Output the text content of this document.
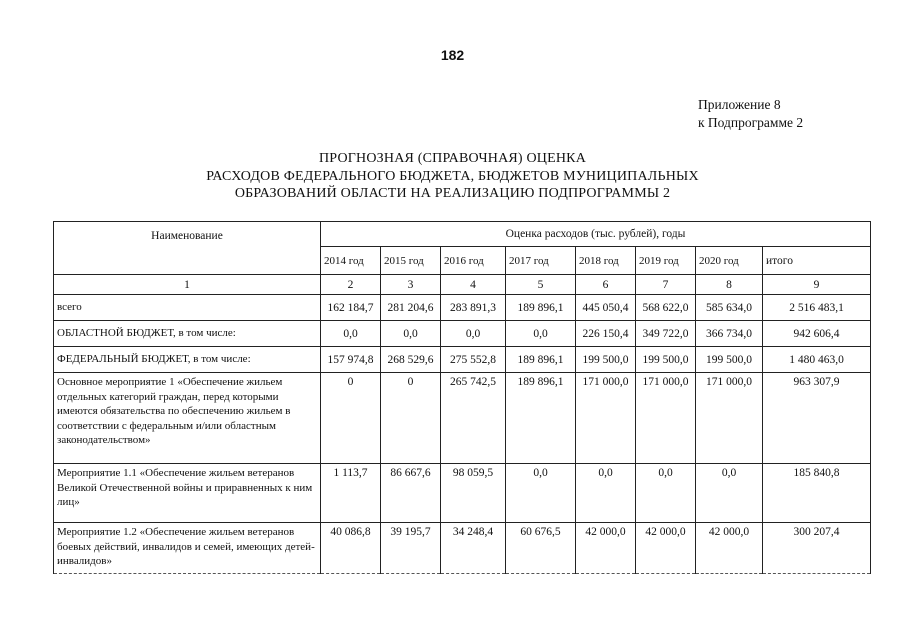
182
Приложение 8
к Подпрограмме 2
ПРОГНОЗНАЯ (СПРАВОЧНАЯ) ОЦЕНКА
РАСХОДОВ ФЕДЕРАЛЬНОГО БЮДЖЕТА, БЮДЖЕТОВ МУНИЦИПАЛЬНЫХ
ОБРАЗОВАНИЙ ОБЛАСТИ НА РЕАЛИЗАЦИЮ ПОДПРОГРАММЫ 2
Наименование	Оценка расходов (тыс. рублей), годы							
	2014 год	2015 год	2016 год	2017 год	2018 год	2019 год	2020 год	итого
1	2	3	4	5	6	7	8	9
всего	162 184,7	281 204,6	283 891,3	189 896,1	445 050,4	568 622,0	585 634,0	2 516 483,1
ОБЛАСТНОЙ БЮДЖЕТ, в том числе:	0,0	0,0	0,0	0,0	226 150,4	349 722,0	366 734,0	942 606,4
ФЕДЕРАЛЬНЫЙ БЮДЖЕТ, в том числе:	157 974,8	268 529,6	275 552,8	189 896,1	199 500,0	199 500,0	199 500,0	1 480 463,0
Основное мероприятие 1 «Обеспечение жильем отдельных категорий граждан, перед которыми имеются обязательства по обеспечению жильем в соответствии с федеральным и/или областным законодательством»	0	0	265 742,5	189 896,1	171 000,0	171 000,0	171 000,0	963 307,9
Мероприятие 1.1 «Обеспечение жильем ветеранов Великой Отечественной войны и приравненных к ним лиц»	1 113,7	86 667,6	98 059,5	0,0	0,0	0,0	0,0	185 840,8
Мероприятие 1.2 «Обеспечение жильем ветеранов боевых действий, инвалидов и семей, имеющих детей-инвалидов»	40 086,8	39 195,7	34 248,4	60 676,5	42 000,0	42 000,0	42 000,0	300 207,4
